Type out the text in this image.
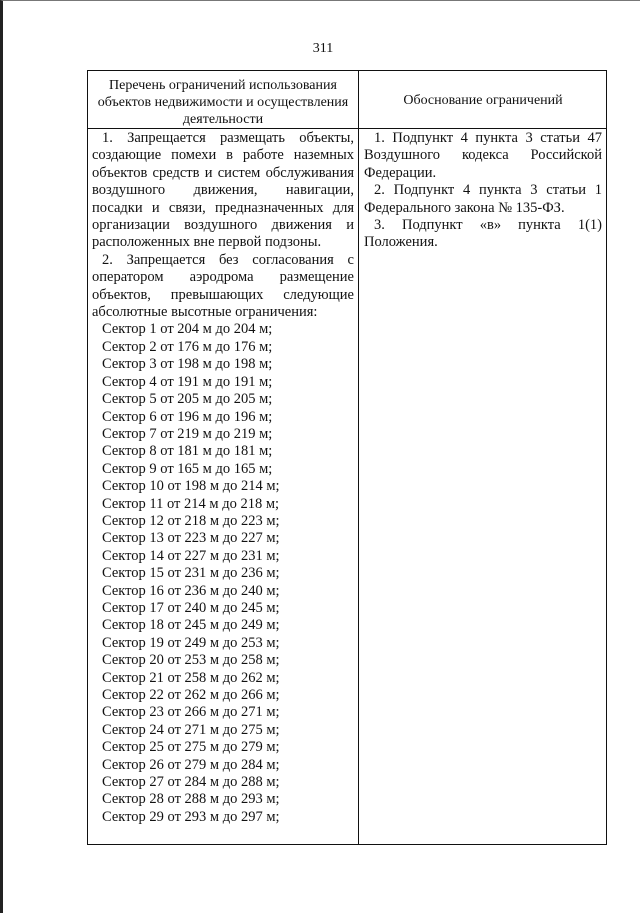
311
Перечень ограничений использования объектов недвижимости и осуществления деятельности
Обоснование ограничений

1. Запрещается размещать объекты, создающие помехи в работе наземных объектов средств и систем обслуживания воздушного движения, навигации, посадки и связи, предназначенных для организации воздушного движения и расположенных вне первой подзоны.

2. Запрещается без согласования с оператором аэродрома размещение объектов, превышающих следующие абсолютные высотные ограничения:

Сектор 1 от 204 м до 204 м;

Сектор 2 от 176 м до 176 м;

Сектор 3 от 198 м до 198 м;

Сектор 4 от 191 м до 191 м;

Сектор 5 от 205 м до 205 м;

Сектор 6 от 196 м до 196 м;

Сектор 7 от 219 м до 219 м;

Сектор 8 от 181 м до 181 м;

Сектор 9 от 165 м до 165 м;

Сектор 10 от 198 м до 214 м;

Сектор 11 от 214 м до 218 м;

Сектор 12 от 218 м до 223 м;

Сектор 13 от 223 м до 227 м;

Сектор 14 от 227 м до 231 м;

Сектор 15 от 231 м до 236 м;

Сектор 16 от 236 м до 240 м;

Сектор 17 от 240 м до 245 м;

Сектор 18 от 245 м до 249 м;

Сектор 19 от 249 м до 253 м;

Сектор 20 от 253 м до 258 м;

Сектор 21 от 258 м до 262 м;

Сектор 22 от 262 м до 266 м;

Сектор 23 от 266 м до 271 м;

Сектор 24 от 271 м до 275 м;

Сектор 25 от 275 м до 279 м;

Сектор 26 от 279 м до 284 м;

Сектор 27 от 284 м до 288 м;

Сектор 28 от 288 м до 293 м;

Сектор 29 от 293 м до 297 м;

1. Подпункт 4 пункта 3 статьи 47 Воздушного кодекса Российской Федерации.

2. Подпункт 4 пункта 3 статьи 1 Федерального закона № 135-ФЗ.

3. Подпункт «в» пункта 1(1) Положения.
